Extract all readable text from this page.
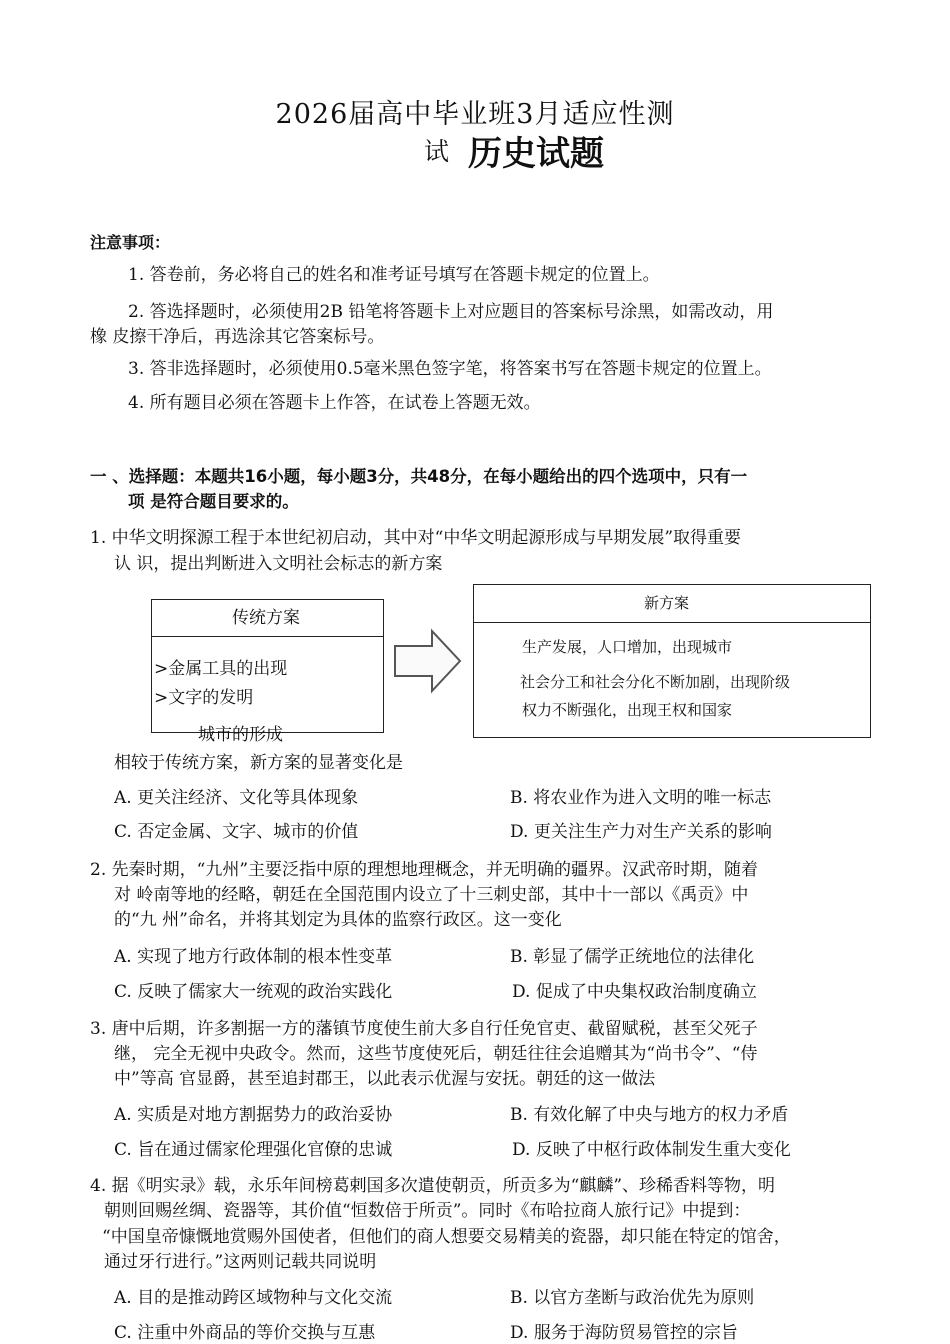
2026届高中毕业班3月适应性测
试 历史试题
注意事项：
1. 答卷前，务必将自己的姓名和准考证号填写在答题卡规定的位置上。
2. 答选择题时，必须使用2B 铅笔将答题卡上对应题目的答案标号涂黑，如需改动，用
橡 皮擦干净后，再选涂其它答案标号。
3. 答非选择题时，必须使用0.5毫米黑色签字笔，将答案书写在答题卡规定的位置上。
4. 所有题目必须在答题卡上作答，在试卷上答题无效。
一 、选择题：本题共16小题，每小题3分，共48分，在每小题给出的四个选项中，只有一
项 是符合题目要求的。
1. 中华文明探源工程于本世纪初启动，其中对“中华文明起源形成与早期发展”取得重要
认 识，提出判断进入文明社会标志的新方案
传统方案
>金属工具的出现
>文字的发明
城市的形成
新方案
生产发展，人口增加，出现城市
社会分工和社会分化不断加剧，出现阶级
权力不断强化，出现王权和国家
相较于传统方案，新方案的显著变化是
A. 更关注经济、文化等具体现象	B. 将农业作为进入文明的唯一标志
C. 否定金属、文字、城市的价值	D. 更关注生产力对生产关系的影响
2. 先秦时期，“九州”主要泛指中原的理想地理概念，并无明确的疆界。汉武帝时期，随着
对 岭南等地的经略，朝廷在全国范围内设立了十三刺史部，其中十一部以《禹贡》中
的“九 州”命名，并将其划定为具体的监察行政区。这一变化
A. 实现了地方行政体制的根本性变革	B. 彰显了儒学正统地位的法律化
C. 反映了儒家大一统观的政治实践化	D. 促成了中央集权政治制度确立
3. 唐中后期，许多割据一方的藩镇节度使生前大多自行任免官吏、截留赋税，甚至父死子
继， 完全无视中央政令。然而，这些节度使死后，朝廷往往会追赠其为“尚书令”、“侍
中”等高 官显爵，甚至追封郡王，以此表示优渥与安抚。朝廷的这一做法
A. 实质是对地方割据势力的政治妥协	B. 有效化解了中央与地方的权力矛盾
C. 旨在通过儒家伦理强化官僚的忠诚	D. 反映了中枢行政体制发生重大变化
4. 据《明实录》载，永乐年间榜葛剌国多次遣使朝贡，所贡多为“麒麟”、珍稀香料等物，明
朝则回赐丝绸、瓷器等，其价值“恒数倍于所贡”。同时《布哈拉商人旅行记》中提到：
“中国皇帝慷慨地赏赐外国使者，但他们的商人想要交易精美的瓷器，却只能在特定的馆舍，
通过牙行进行。”这两则记载共同说明
A. 目的是推动跨区域物种与文化交流	B. 以官方垄断与政治优先为原则
C. 注重中外商品的等价交换与互惠	D. 服务于海防贸易管控的宗旨
